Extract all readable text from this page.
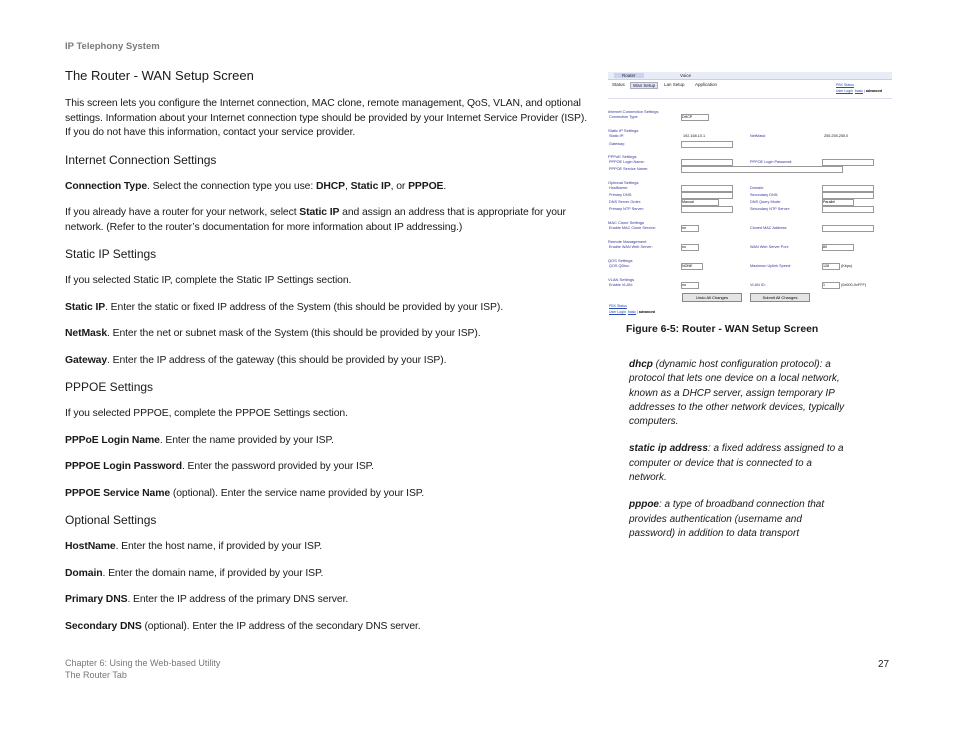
IP Telephony System
The Router - WAN Setup Screen

This screen lets you configure the Internet connection, MAC clone, remote management, QoS, VLAN, and optional settings. Information about your Internet connection type should be provided by your Internet Service Provider (ISP). If you do not have this information, contact your service provider.

Internet Connection Settings

Connection Type. Select the connection type you use: DHCP, Static IP, or PPPOE.

If you already have a router for your network, select Static IP and assign an address that is appropriate for your network. (Refer to the router’s documentation for more information about IP addressing.)

Static IP Settings

If you selected Static IP, complete the Static IP Settings section.

Static IP. Enter the static or fixed IP address of the System (this should be provided by your ISP).

NetMask. Enter the net or subnet mask of the System (this should be provided by your ISP).

Gateway. Enter the IP address of the gateway (this should be provided by your ISP).

PPPOE Settings

If you selected PPPOE, complete the PPPOE Settings section.

PPPoE Login Name. Enter the name provided by your ISP.

PPPOE Login Password. Enter the password provided by your ISP.

PPPOE Service Name (optional). Enter the service name provided by your ISP.

Optional Settings

HostName. Enter the host name, if provided by your ISP.

Domain. Enter the domain name, if provided by your ISP.

Primary DNS. Enter the IP address of the primary DNS server.

Secondary DNS (optional). Enter the IP address of the secondary DNS server.

Router	Voice
Status	Wan Setup	Lan Setup Application	PBX Status
User Login basic | advanced
Internet Connection Settings
Connection Type:	DHCP
Static IP Settings
Static IP:	192.168.10.1	NetMask:	255.255.255.0
Gateway:
PPPoE Settings
PPPOE Login Name:	PPPOE Login Password:
PPPOE Service Name:
Optional Settings
HostName:	Domain:
Primary DNS:	Secondary DNS:
DNS Server Order:	Manual	DNS Query Mode:	Parallel
Primary NTP Server:	Secondary NTP Server:
MAC Clone Settings
Enable MAC Clone Service:	no	Cloned MAC Address:
Remote Management
Enable WAN Web Server:	no	WAN Web Server Port:	80
QOS Settings
QOS QDisc:	NONE	Maximum Uplink Speed:	128	(Kbps)
VLAN Settings
Enable VLAN:	no	VLAN ID:	1	(0x000-0xFFF)
Undo All Changes	Submit All Changes
PBX Status
User Login basic | advanced
Figure 6-5: Router - WAN Setup Screen

dhcp (dynamic host configuration protocol): a protocol that lets one device on a local network, known as a DHCP server, assign temporary IP addresses to the other network devices, typically computers.

static ip address: a fixed address assigned to a computer or device that is connected to a network.

pppoe: a type of broadband connection that provides authentication (username and password) in addition to data transport

Chapter 6: Using the Web-based Utility
The Router Tab
27
